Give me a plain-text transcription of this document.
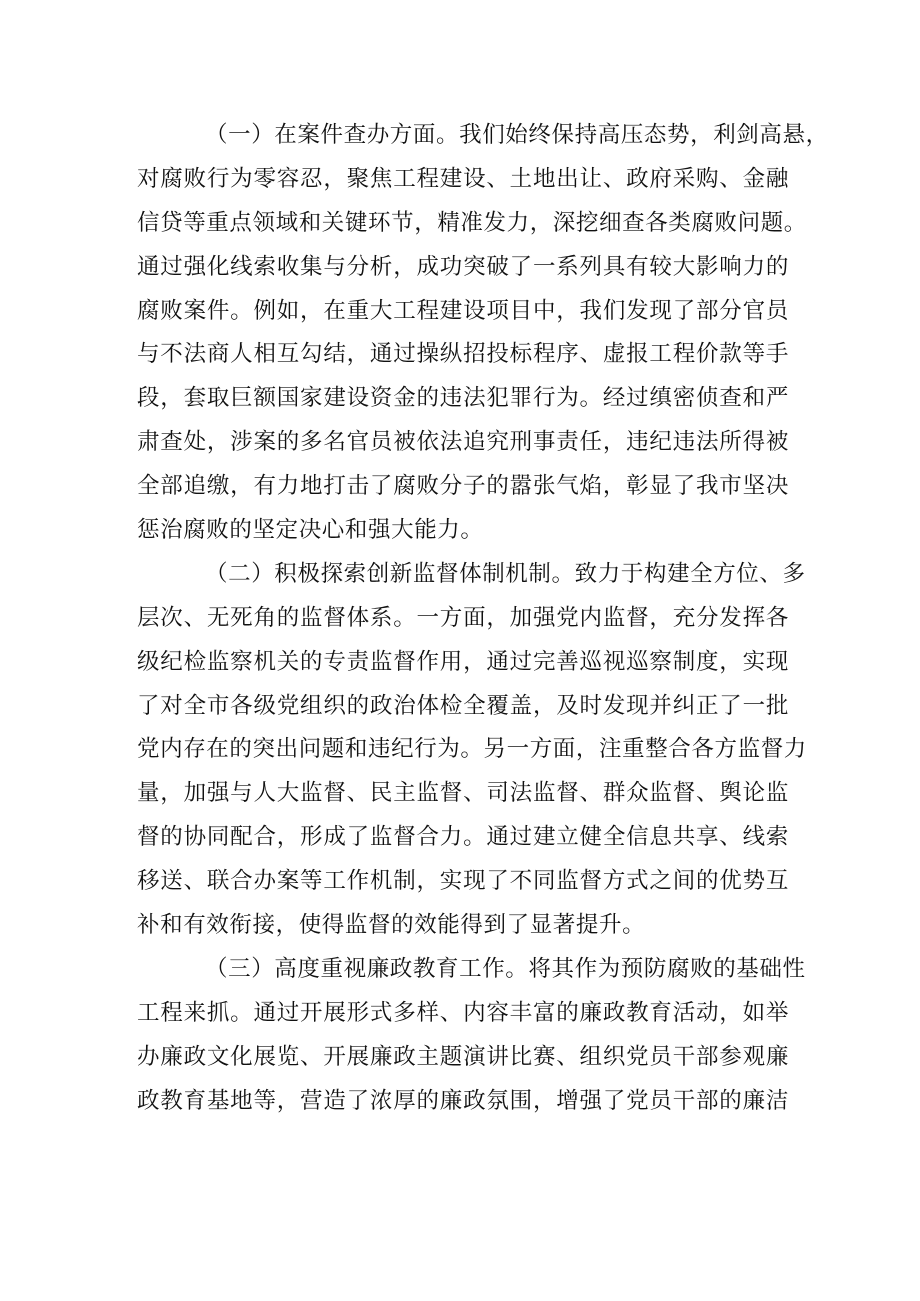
（一）在案件查办方面。我们始终保持高压态势，利剑高悬，
对腐败行为零容忍，聚焦工程建设、土地出让、政府采购、金融
信贷等重点领域和关键环节，精准发力，深挖细查各类腐败问题。
通过强化线索收集与分析，成功突破了一系列具有较大影响力的
腐败案件。例如，在重大工程建设项目中，我们发现了部分官员
与不法商人相互勾结，通过操纵招投标程序、虚报工程价款等手
段，套取巨额国家建设资金的违法犯罪行为。经过缜密侦查和严
肃查处，涉案的多名官员被依法追究刑事责任，违纪违法所得被
全部追缴，有力地打击了腐败分子的嚣张气焰，彰显了我市坚决
惩治腐败的坚定决心和强大能力。
（二）积极探索创新监督体制机制。致力于构建全方位、多
层次、无死角的监督体系。一方面，加强党内监督，充分发挥各
级纪检监察机关的专责监督作用，通过完善巡视巡察制度，实现
了对全市各级党组织的政治体检全覆盖，及时发现并纠正了一批
党内存在的突出问题和违纪行为。另一方面，注重整合各方监督力
量，加强与人大监督、民主监督、司法监督、群众监督、舆论监
督的协同配合，形成了监督合力。通过建立健全信息共享、线索
移送、联合办案等工作机制，实现了不同监督方式之间的优势互
补和有效衔接，使得监督的效能得到了显著提升。
（三）高度重视廉政教育工作。将其作为预防腐败的基础性
工程来抓。通过开展形式多样、内容丰富的廉政教育活动，如举
办廉政文化展览、开展廉政主题演讲比赛、组织党员干部参观廉
政教育基地等，营造了浓厚的廉政氛围，增强了党员干部的廉洁
